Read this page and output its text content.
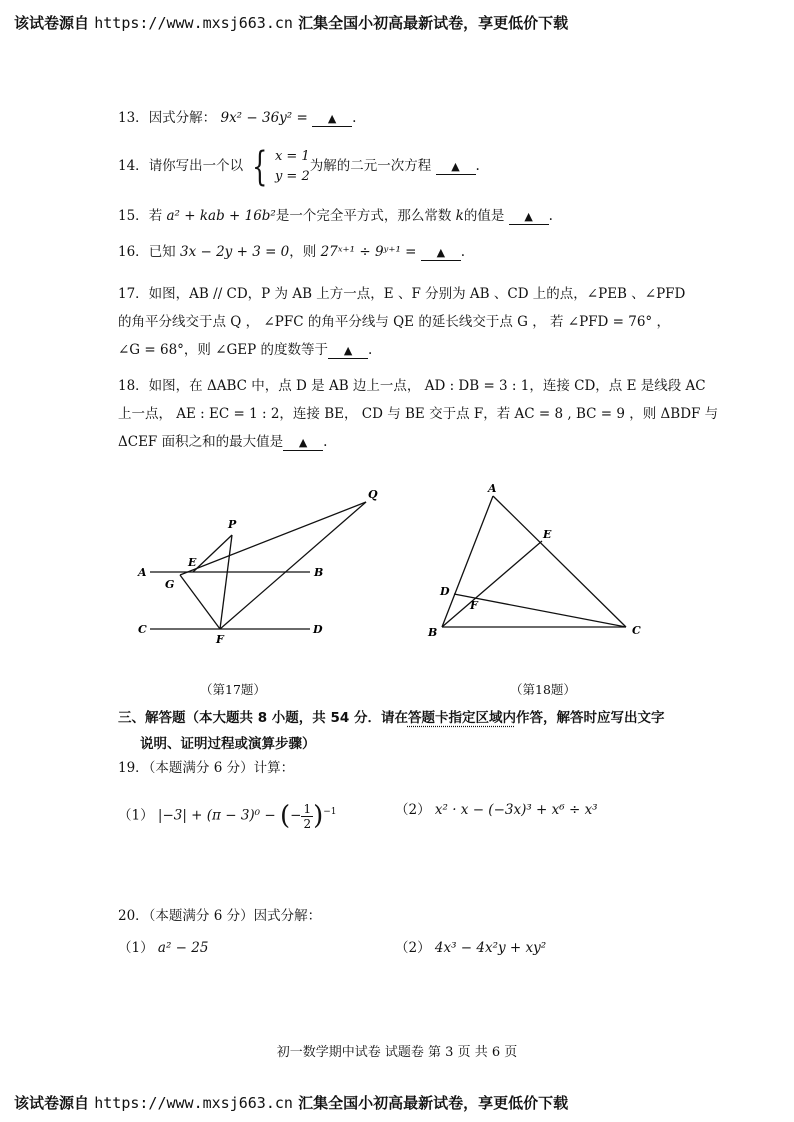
该试卷源自 https://www.mxsj663.cn 汇集全国小初高最新试卷，享更低价下载
13．因式分解： 9x² − 36y² = ▲ .
14．请你写出一个以 { x = 1
y = 2
为解的二元一次方程 ▲ .
15．若 a² + kab + 16b²是一个完全平方式，那么常数 k的值是 ▲ .
16．已知 3x − 2y + 3 = 0，则 27ˣ⁺¹ ÷ 9ʸ⁺¹ = ▲ .
17．如图，AB // CD，P 为 AB 上方一点，E 、F 分别为 AB 、CD 上的点，∠PEB 、∠PFD
的角平分线交于点 Q ， ∠PFC 的角平分线与 QE 的延长线交于点 G ， 若 ∠PFD = 76° ，
∠G = 68°，则 ∠GEP 的度数等于 ▲ .
18．如图，在 ΔABC 中，点 D 是 AB 边上一点， AD : DB = 3 : 1，连接 CD，点 E 是线段 AC
上一点， AE : EC = 1 : 2，连接 BE， CD 与 BE 交于点 F，若 AC = 8 , BC = 9 ，则 ΔBDF 与
ΔCEF 面积之和的最大值是 ▲ .
Q
P
E
A	B
G
C
F
D
A
E
D
F
B	C
（第17题）	（第18题）
三、解答题（本大题共 8 小题，共 54 分．请在答题卡指定区域内作答，解答时应写出文字
说明、证明过程或演算步骤）
19．（本题满分 6 分）计算：
（1） |−3| + (π − 3)⁰ − (− $\frac{1}{2} )^{-1}$	（2） x² · x − (−3x)³ + x⁶ ÷ x³
20．（本题满分 6 分）因式分解：
（1） a² − 25	（2） 4x³ − 4x²y + xy²
初一数学期中试卷 试题卷 第 3 页 共 6 页
该试卷源自 https://www.mxsj663.cn 汇集全国小初高最新试卷，享更低价下载
